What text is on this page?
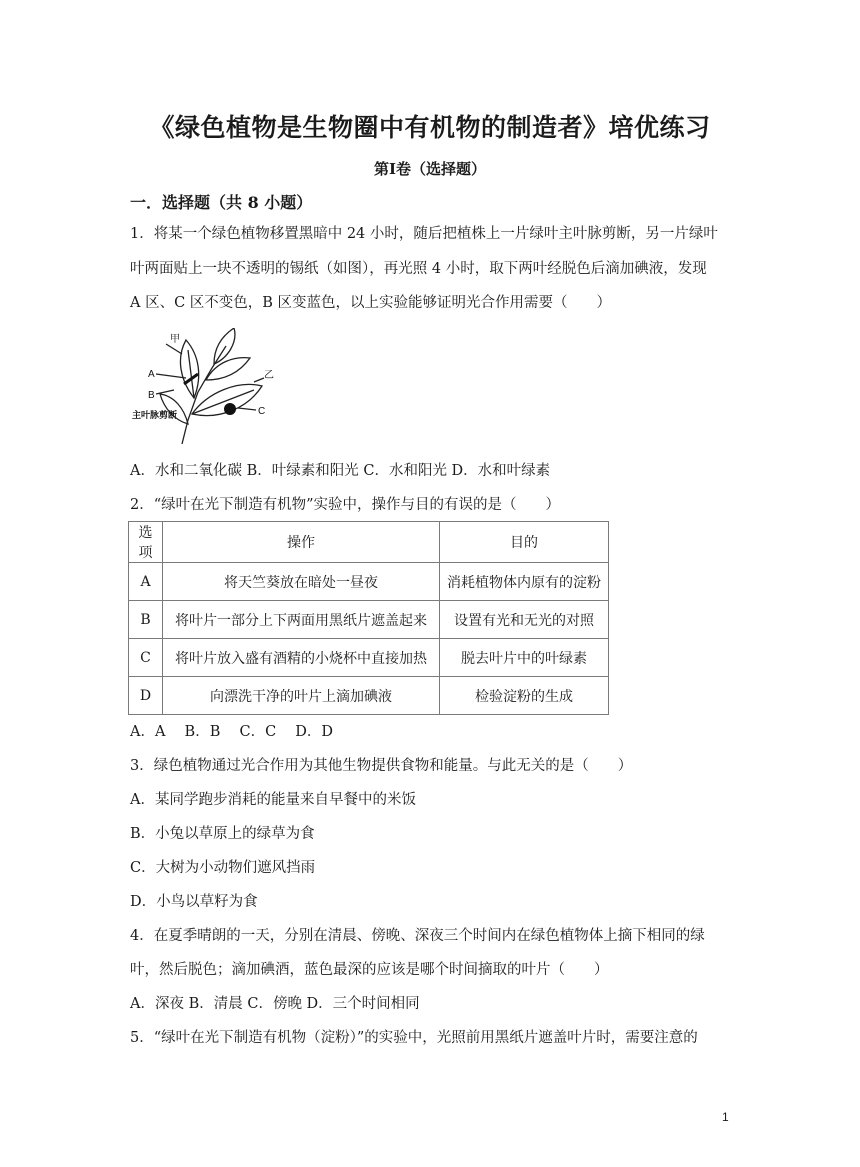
《绿色植物是生物圈中有机物的制造者》培优练习
第Ⅰ卷（选择题）
一．选择题（共 8 小题）
1．将某一个绿色植物移置黑暗中 24 小时，随后把植株上一片绿叶主叶脉剪断，另一片绿叶
叶两面贴上一块不透明的锡纸（如图），再光照 4 小时，取下两叶经脱色后滴加碘液，发现
A 区、C 区不变色，B 区变蓝色，以上实验能够证明光合作用需要（　　）
甲
A
B
C
乙
主叶脉剪断
A．水和二氧化碳 B．叶绿素和阳光 C．水和阳光 D．水和叶绿素
2．“绿叶在光下制造有机物”实验中，操作与目的有误的是（　　）
选项	操作	目的
A	将天竺葵放在暗处一昼夜	消耗植物体内原有的淀粉
B	将叶片一部分上下两面用黑纸片遮盖起来	设置有光和无光的对照
C	将叶片放入盛有酒精的小烧杯中直接加热	脱去叶片中的叶绿素
D	向漂洗干净的叶片上滴加碘液	检验淀粉的生成
A．A　 B．B　 C．C　 D．D
3．绿色植物通过光合作用为其他生物提供食物和能量。与此无关的是（　　）
A．某同学跑步消耗的能量来自早餐中的米饭
B．小兔以草原上的绿草为食
C．大树为小动物们遮风挡雨
D．小鸟以草籽为食
4．在夏季晴朗的一天，分别在清晨、傍晚、深夜三个时间内在绿色植物体上摘下相同的绿
叶，然后脱色；滴加碘酒，蓝色最深的应该是哪个时间摘取的叶片（　　）
A．深夜 B．清晨 C．傍晚 D．三个时间相同
5．“绿叶在光下制造有机物（淀粉）”的实验中，光照前用黑纸片遮盖叶片时，需要注意的
1
